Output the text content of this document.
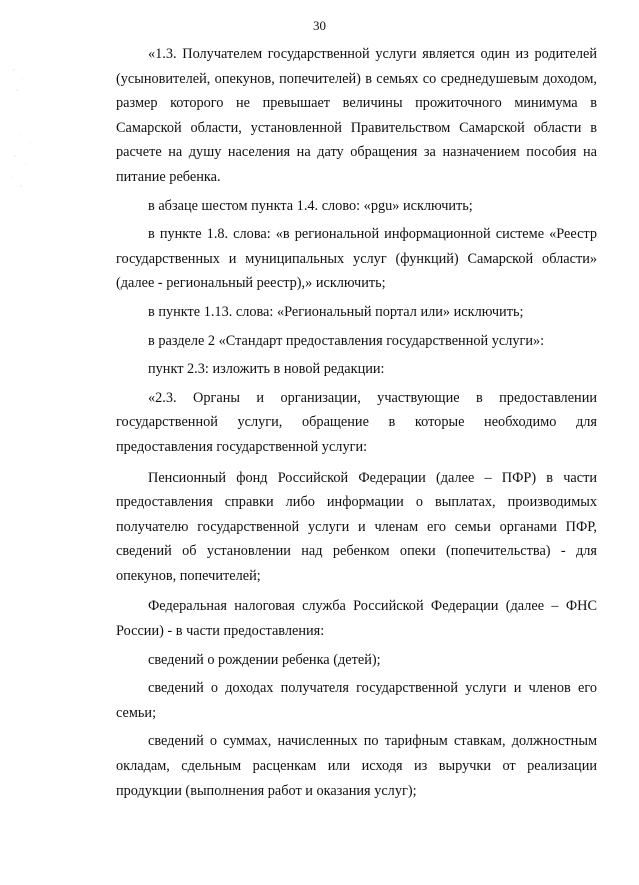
30

«1.3. Получателем государственной услуги является один из родителей (усыновителей, опекунов, попечителей) в семьях со среднедушевым доходом, размер которого не превышает величины прожиточного минимума в Самарской области, установленной Правительством Самарской области в расчете на душу населения на дату обращения за назначением пособия на питание ребенка.

в абзаце шестом пункта 1.4. слово: «pgu» исключить;

в пункте 1.8. слова: «в региональной информационной системе «Реестр государственных и муниципальных услуг (функций) Самарской области» (далее - региональный реестр),» исключить;

в пункте 1.13. слова: «Региональный портал или» исключить;

в разделе 2 «Стандарт предоставления государственной услуги»:

пункт 2.3: изложить в новой редакции:

«2.3. Органы и организации, участвующие в предоставлении государственной услуги, обращение в которые необходимо для предоставления государственной услуги:

Пенсионный фонд Российской Федерации (далее – ПФР) в части предоставления справки либо информации о выплатах, производимых получателю государственной услуги и членам его семьи органами ПФР, сведений об установлении над ребенком опеки (попечительства) - для опекунов, попечителей;

Федеральная налоговая служба Российской Федерации (далее – ФНС России) - в части предоставления:

сведений о рождении ребенка (детей);

сведений о доходах получателя государственной услуги и членов его семьи;

сведений о суммах, начисленных по тарифным ставкам, должностным окладам, сдельным расценкам или исходя из выручки от реализации продукции (выполнения работ и оказания услуг);
